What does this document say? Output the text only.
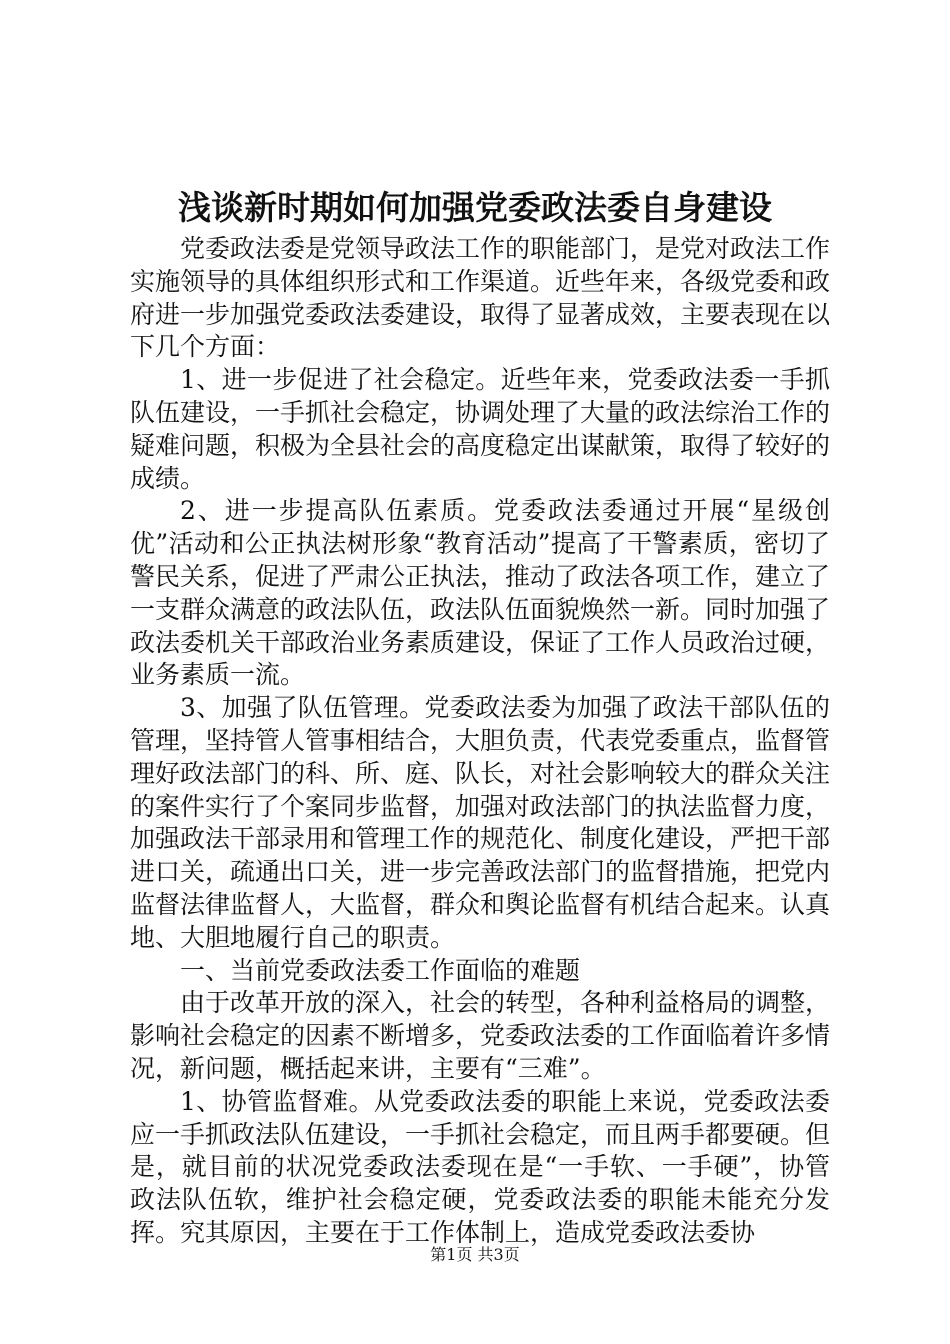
浅谈新时期如何加强党委政法委自身建设

党委政法委是党领导政法工作的职能部门，是党对政法工作实施领导的具体组织形式和工作渠道。近些年来，各级党委和政府进一步加强党委政法委建设，取得了显著成效，主要表现在以下几个方面：

1、进一步促进了社会稳定。近些年来，党委政法委一手抓队伍建设，一手抓社会稳定，协调处理了大量的政法综治工作的疑难问题，积极为全县社会的高度稳定出谋献策，取得了较好的成绩。

2、进一步提高队伍素质。党委政法委通过开展“星级创优”活动和公正执法树形象“教育活动”提高了干警素质，密切了警民关系，促进了严肃公正执法，推动了政法各项工作，建立了一支群众满意的政法队伍，政法队伍面貌焕然一新。同时加强了政法委机关干部政治业务素质建设，保证了工作人员政治过硬，业务素质一流。

3、加强了队伍管理。党委政法委为加强了政法干部队伍的管理，坚持管人管事相结合，大胆负责，代表党委重点，监督管理好政法部门的科、所、庭、队长，对社会影响较大的群众关注的案件实行了个案同步监督，加强对政法部门的执法监督力度，加强政法干部录用和管理工作的规范化、制度化建设，严把干部进口关，疏通出口关，进一步完善政法部门的监督措施，把党内监督法律监督人，大监督，群众和舆论监督有机结合起来。认真地、大胆地履行自己的职责。

一、当前党委政法委工作面临的难题

由于改革开放的深入，社会的转型，各种利益格局的调整，影响社会稳定的因素不断增多，党委政法委的工作面临着许多情况，新问题，概括起来讲，主要有“三难”。

1、协管监督难。从党委政法委的职能上来说，党委政法委应一手抓政法队伍建设，一手抓社会稳定，而且两手都要硬。但是，就目前的状况党委政法委现在是“一手软、一手硬”，协管政法队伍软，维护社会稳定硬，党委政法委的职能未能充分发挥。究其原因，主要在于工作体制上，造成党委政法委协

第1页 共3页
